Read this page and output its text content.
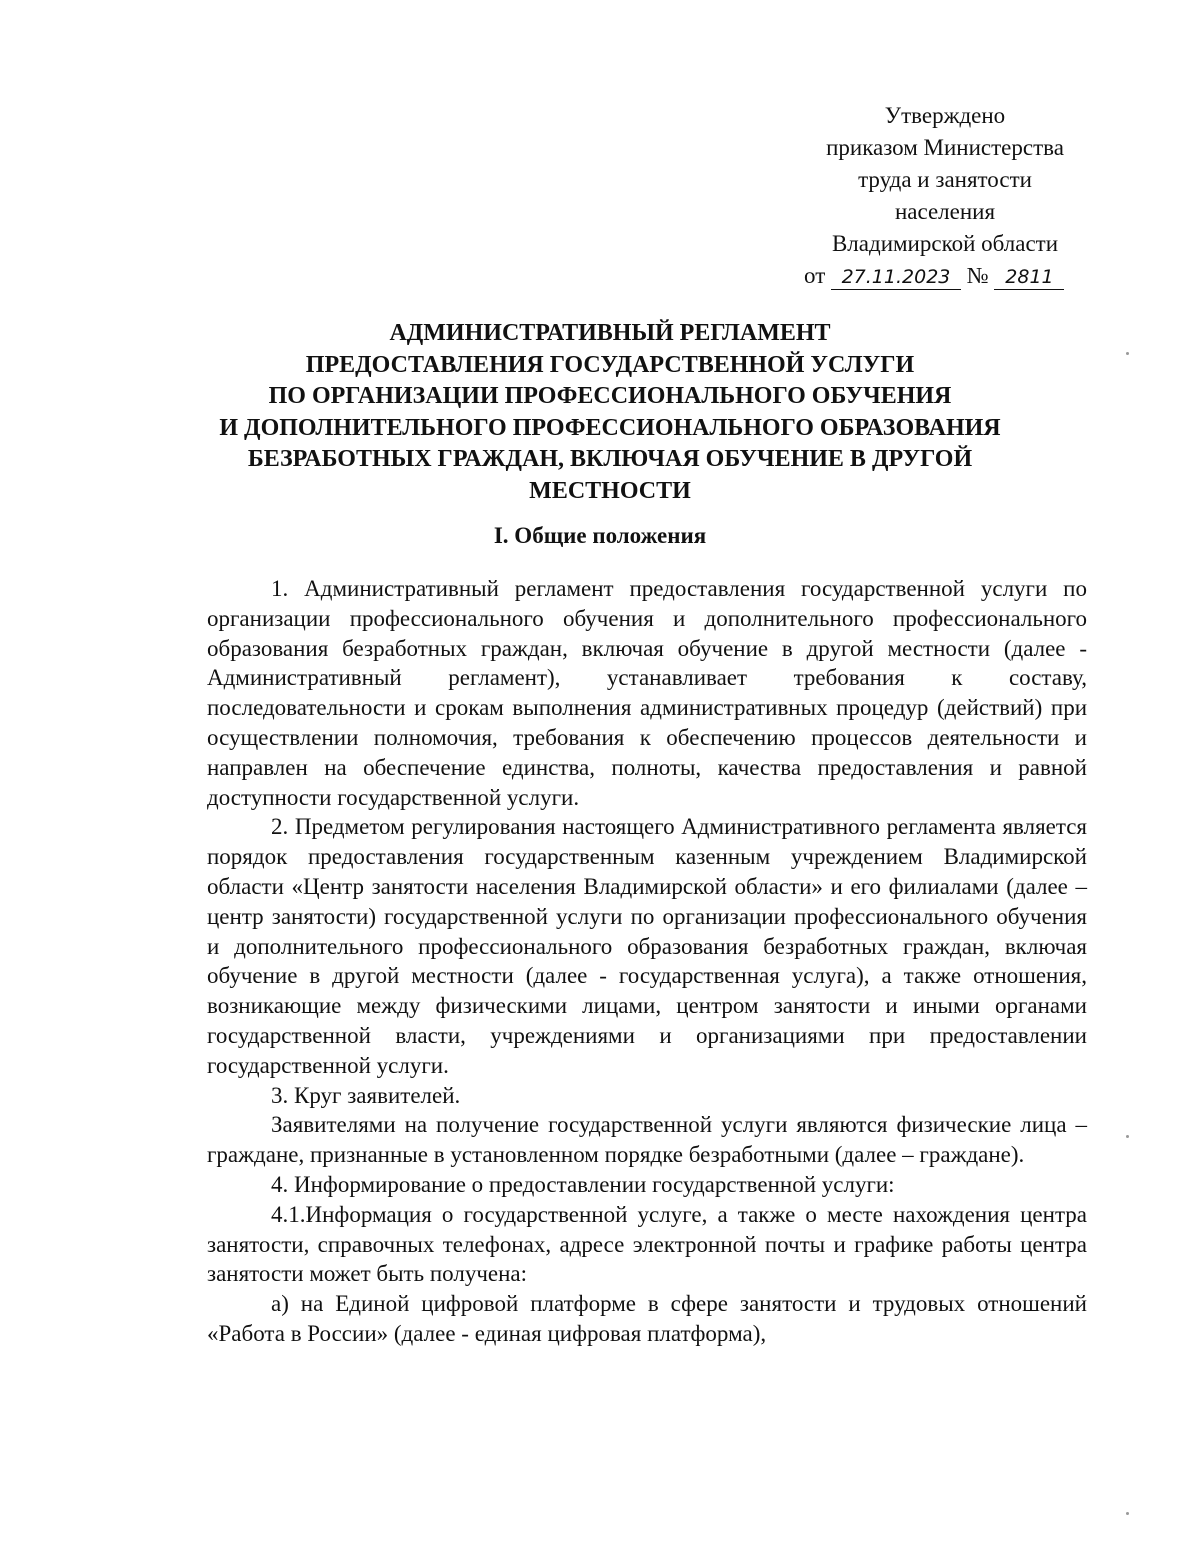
Утверждено
приказом Министерства
труда и занятости
населения
Владимирской области
от 27.11.2023 № 2811
АДМИНИСТРАТИВНЫЙ РЕГЛАМЕНТ
ПРЕДОСТАВЛЕНИЯ ГОСУДАРСТВЕННОЙ УСЛУГИ
ПО ОРГАНИЗАЦИИ ПРОФЕССИОНАЛЬНОГО ОБУЧЕНИЯ
И ДОПОЛНИТЕЛЬНОГО ПРОФЕССИОНАЛЬНОГО ОБРАЗОВАНИЯ
БЕЗРАБОТНЫХ ГРАЖДАН, ВКЛЮЧАЯ ОБУЧЕНИЕ В ДРУГОЙ
МЕСТНОСТИ
I. Общие положения

1. Административный регламент предоставления государственной услуги по организации профессионального обучения и дополнительного профессионального образования безработных граждан, включая обучение в другой местности (далее - Административный регламент), устанавливает требования к составу, последовательности и срокам выполнения административных процедур (действий) при осуществлении полномочия, требования к обеспечению процессов деятельности и направлен на обеспечение единства, полноты, качества предоставления и равной доступности государственной услуги.

2. Предметом регулирования настоящего Административного регламента является порядок предоставления государственным казенным учреждением Владимирской области «Центр занятости населения Владимирской области» и его филиалами (далее – центр занятости) государственной услуги по организации профессионального обучения и дополнительного профессионального образования безработных граждан, включая обучение в другой местности (далее - государственная услуга), а также отношения, возникающие между физическими лицами, центром занятости и иными органами государственной власти, учреждениями и организациями при предоставлении государственной услуги.

3. Круг заявителей.

Заявителями на получение государственной услуги являются физические лица – граждане, признанные в установленном порядке безработными (далее – граждане).

4. Информирование о предоставлении государственной услуги:

4.1.Информация о государственной услуге, а также о месте нахождения центра занятости, справочных телефонах, адресе электронной почты и графике работы центра занятости может быть получена:

а) на Единой цифровой платформе в сфере занятости и трудовых отношений «Работа в России» (далее - единая цифровая платформа),
